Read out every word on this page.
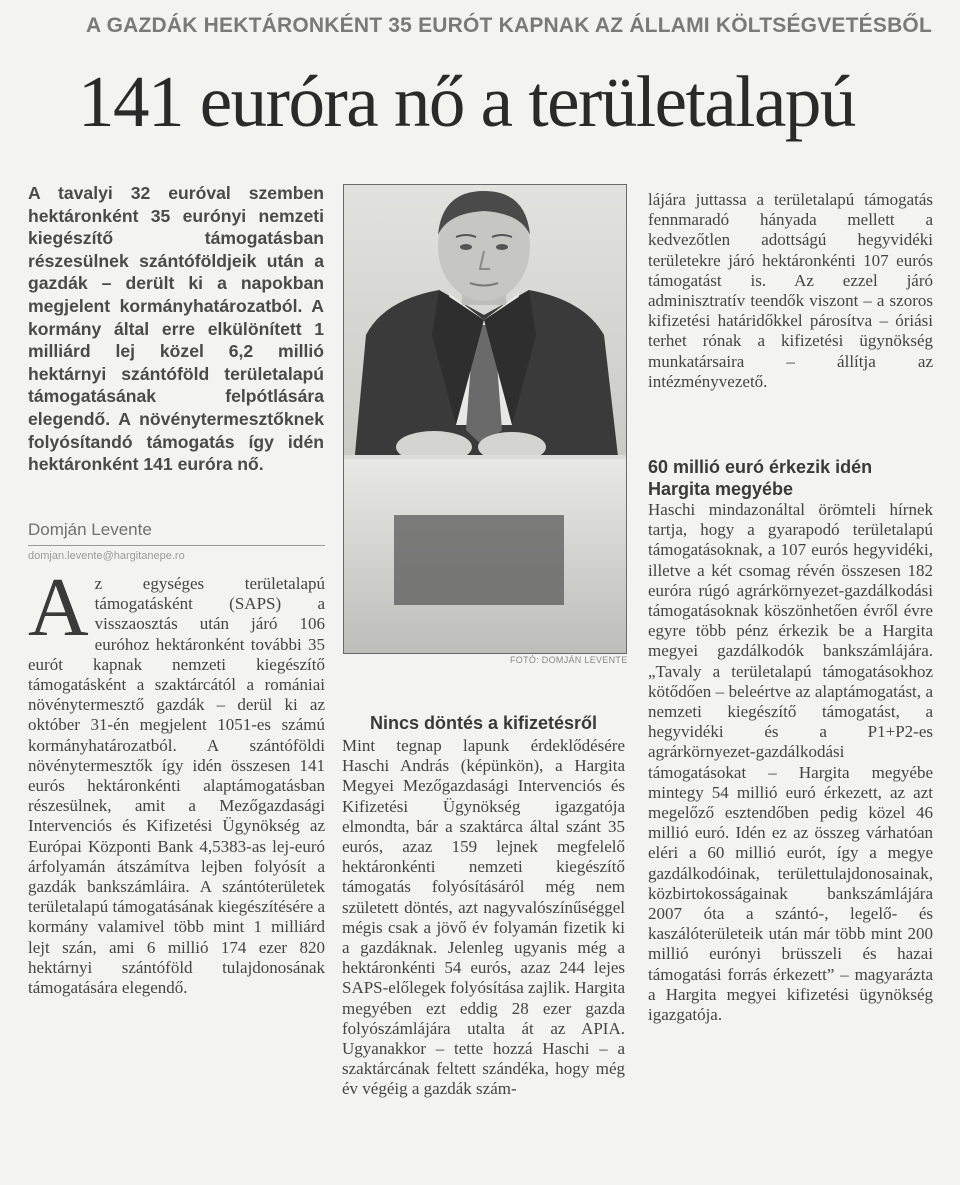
A GAZDÁK HEKTÁRONKÉNT 35 EURÓT KAPNAK AZ ÁLLAMI KÖLTSÉGVETÉSBŐL
141 euróra nő a területalapú
A tavalyi 32 euróval szemben hektáronként 35 eurónyi nemzeti kiegészítő támogatásban részesülnek szántóföldjeik után a gazdák – derült ki a napokban megjelent kormányhatározatból. A kormány által erre elkülönített 1 milliárd lej közel 6,2 millió hektárnyi szántóföld területalapú támogatásának felpótlására elegendő. A növénytermesztőknek folyósítandó támogatás így idén hektáronként 141 euróra nő.
Domján Levente
domjan.levente@hargitanepe.ro

Az egységes területalapú támogatásként (SAPS) a visszaosztás után járó 106 euróhoz hektáronként további 35 eurót kapnak nemzeti kiegészítő támogatásként a szaktárcától a romániai növénytermesztő gazdák – derül ki az október 31-én megjelent 1051-es számú kormányhatározatból. A szántóföldi növénytermesztők így idén összesen 141 eurós hektáronkénti alaptámogatásban részesülnek, amit a Mezőgazdasági Intervenciós és Kifizetési Ügynökség az Európai Központi Bank 4,5383-as lej-euró árfolyamán átszámítva lejben folyósít a gazdák bankszámláira. A szántóterületek területalapú támogatásának kiegészítésére a kormány valamivel több mint 1 milliárd lejt szán, ami 6 millió 174 ezer 820 hektárnyi szántóföld tulajdonosának támogatására elegendő.

FOTÓ: DOMJÁN LEVENTE

Nincs döntés a kifizetésről

Mint tegnap lapunk érdeklődésére Haschi András (képünkön), a Hargita Megyei Mezőgazdasági Intervenciós és Kifizetési Ügynökség igazgatója elmondta, bár a szaktárca által szánt 35 eurós, azaz 159 lejnek megfelelő hektáronkénti nemzeti kiegészítő támogatás folyósításáról még nem született döntés, azt nagyvalószínűséggel mégis csak a jövő év folyamán fizetik ki a gazdáknak. Jelenleg ugyanis még a hektáronkénti 54 eurós, azaz 244 lejes SAPS-előlegek folyósítása zajlik. Hargita megyében ezt eddig 28 ezer gazda folyószámlájára utalta át az APIA. Ugyanakkor – tette hozzá Haschi – a szaktárcának feltett szándéka, hogy még év végéig a gazdák szám-

lájára juttassa a területalapú támogatás fennmaradó hányada mellett a kedvezőtlen adottságú hegyvidéki területekre járó hektáronkénti 107 eurós támogatást is. Az ezzel járó adminisztratív teendők viszont – a szoros kifizetési határidőkkel párosítva – óriási terhet rónak a kifizetési ügynökség munkatársaira – állítja az intézményvezető.

60 millió euró érkezik idén Hargita megyébe

Haschi mindazonáltal örömteli hírnek tartja, hogy a gyarapodó területalapú támogatásoknak, a 107 eurós hegyvidéki, illetve a két csomag révén összesen 182 euróra rúgó agrárkörnyezet-gazdálkodási támogatásoknak köszönhetően évről évre egyre több pénz érkezik be a Hargita megyei gazdálkodók bankszámlájára. „Tavaly a területalapú támogatásokhoz kötődően – beleértve az alaptámogatást, a nemzeti kiegészítő támogatást, a hegyvidéki és a P1+P2-es agrárkörnyezet-gazdálkodási támogatásokat – Hargita megyébe mintegy 54 millió euró érkezett, az azt megelőző esztendőben pedig közel 46 millió euró. Idén ez az összeg várhatóan eléri a 60 millió eurót, így a megye gazdálkodóinak, területtulajdonosainak, közbirtokosságainak bankszámlájára 2007 óta a szántó-, legelő- és kaszálóterületeik után már több mint 200 millió eurónyi brüsszeli és hazai támogatási forrás érkezett” – magyarázta a Hargita megyei kifizetési ügynökség igazgatója.
